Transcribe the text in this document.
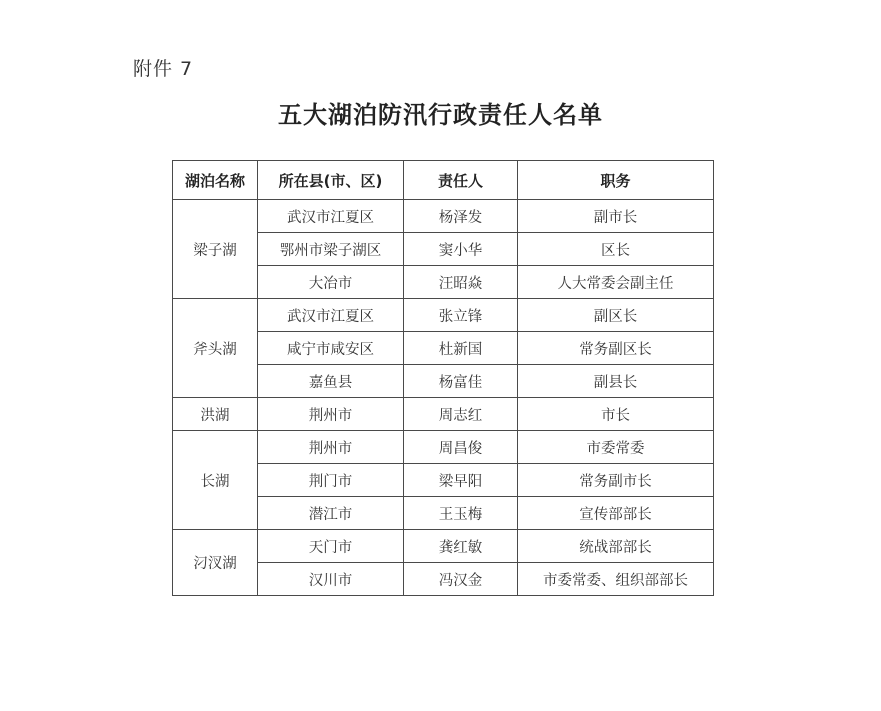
附件 7
五大湖泊防汛行政责任人名单
湖泊名称	所在县(市、区)	责任人	职务
梁子湖	武汉市江夏区	杨泽发	副市长
	鄂州市梁子湖区	窦小华	区长
	大冶市	汪昭焱	人大常委会副主任
斧头湖	武汉市江夏区	张立锋	副区长
	咸宁市咸安区	杜新国	常务副区长
	嘉鱼县	杨富佳	副县长
洪湖	荆州市	周志红	市长
长湖	荆州市	周昌俊	市委常委
	荆门市	梁早阳	常务副市长
	潜江市	王玉梅	宣传部部长
汈汊湖	天门市	龚红敏	统战部部长
	汉川市	冯汉金	市委常委、组织部部长
